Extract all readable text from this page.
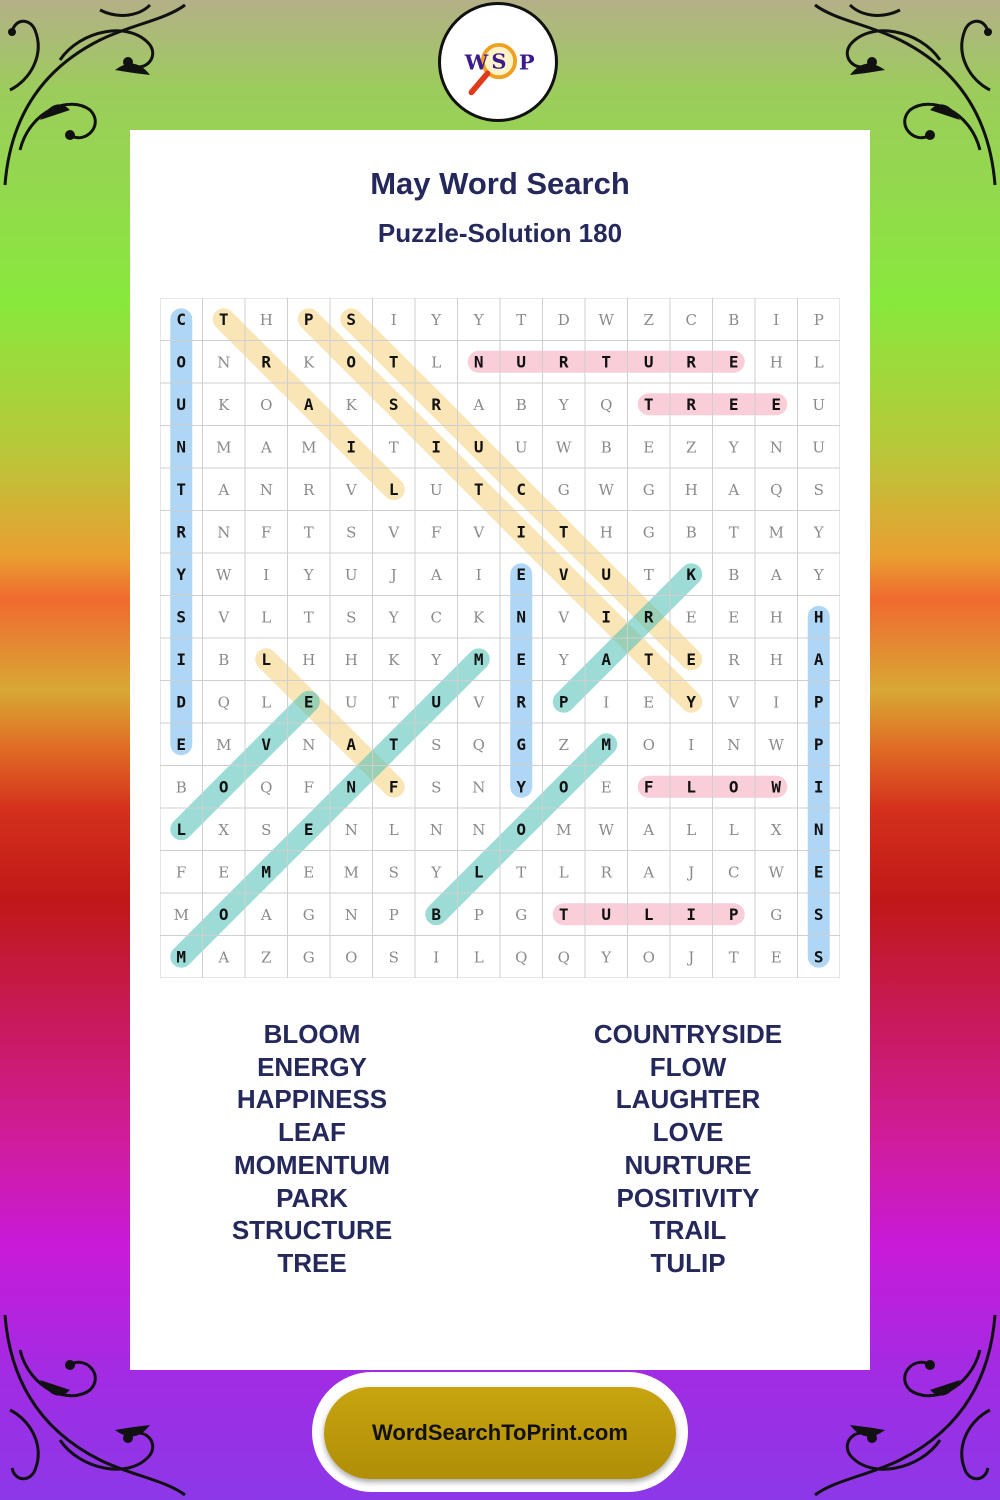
W S P
May Word Search
Puzzle-Solution 180
C T H P S I Y Y T D W Z C B I P
O N R K O T L N U R T U R E H L
U K O A K S R A B Y Q T R E E U
N M A M I T I U U W B E Z Y N U
T A N R V L U T C G W G H A Q S
R N F T S V F V I T H G B T M Y
Y W I Y U J A I E V U T K B A Y
S V L T S Y C K N V I R E E H H
I B L H H K Y M E Y A T E R H A
D Q L E U T U V R P I E Y V I P
E M V N A T S Q G Z M O I N W P
B O Q F N F S N Y O E F L O W I
L X S E N L N N O M W A L L X N
F E M E M S Y L T L R A J C W E
M O A G N P B P G T U L I P G S
M A Z G O S I L Q Q Y O J T E S
BLOOM
ENERGY
HAPPINESS
LEAF
MOMENTUM
PARK
STRUCTURE
TREE
COUNTRYSIDE
FLOW
LAUGHTER
LOVE
NURTURE
POSITIVITY
TRAIL
TULIP
WordSearchToPrint.com
